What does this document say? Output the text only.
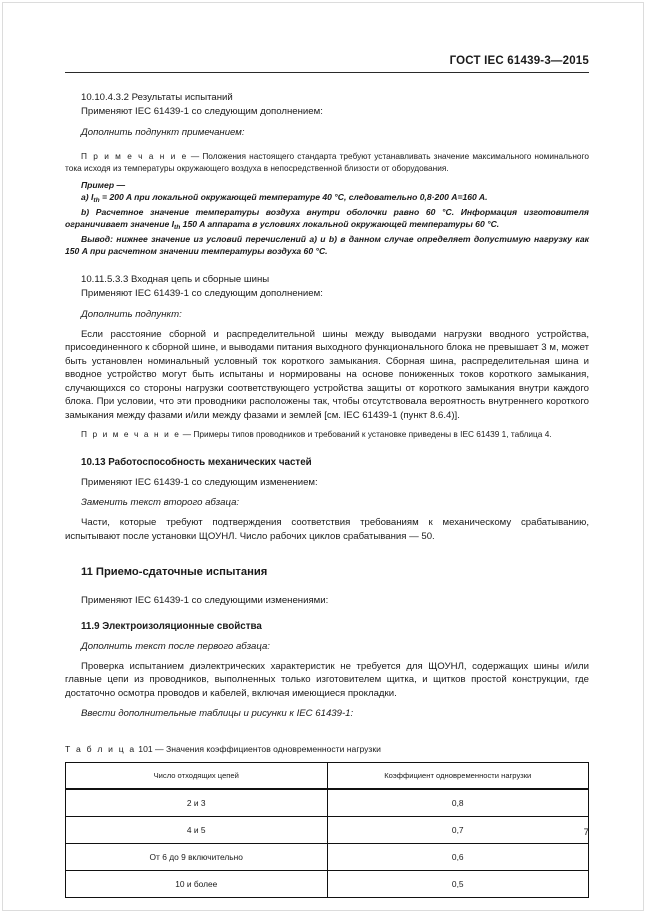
ГОСТ IEC 61439-3—2015

10.10.4.3.2 Результаты испытаний

Применяют IEC 61439-1 со следующим дополнением:

Дополнить подпункт примечанием:

П р и м е ч а н и е — Положения настоящего стандарта требуют устанавливать значение максимального номинального тока исходя из температуры окружающего воздуха в непосредственной близости от оборудования.

Пример —

a) $I_{th} = 200$ A при локальной окружающей температуре 40 °C, следовательно 0,8·200 A=160 A.

b) Расчетное значение температуры воздуха внутри оболочки равно 60 °C. Информация изготовителя ограничивает значение $I_{th}$ 150 A аппарата в условиях локальной окружающей температуры 60 °C.

Вывод: нижнее значение из условий перечислений a) и b) в данном случае определяет допустимую нагрузку как 150 A при расчетном значении температуры воздуха 60 °C.

10.11.5.3.3 Входная цепь и сборные шины

Применяют IEC 61439-1 со следующим дополнением:

Дополнить подпункт:

Если расстояние сборной и распределительной шины между выводами нагрузки вводного устройства, присоединенного к сборной шине, и выводами питания выходного функционального блока не превышает 3 м, может быть установлен номинальный условный ток короткого замыкания. Сборная шина, распределительная шина и вводное устройство могут быть испытаны и нормированы на основе пониженных токов короткого замыкания, случающихся со стороны нагрузки соответствующего устройства защиты от короткого замыкания внутри каждого блока. При условии, что эти проводники расположены так, чтобы отсутствовала вероятность внутреннего короткого замыкания между фазами и/или между фазами и землей [см. IEC 61439-1 (пункт 8.6.4)].

П р и м е ч а н и е — Примеры типов проводников и требований к установке приведены в IEC 61439 1, таблица 4.

10.13 Работоспособность механических частей

Применяют IEC 61439-1 со следующим изменением:

Заменить текст второго абзаца:

Части, которые требуют подтверждения соответствия требованиям к механическому срабатыванию, испытывают после установки ЩОУНЛ. Число рабочих циклов срабатывания — 50.

11 Приемо-сдаточные испытания

Применяют IEC 61439-1 со следующими изменениями:

11.9 Электроизоляционные свойства

Дополнить текст после первого абзаца:

Проверка испытанием диэлектрических характеристик не требуется для ЩОУНЛ, содержащих шины и/или главные цепи из проводников, выполненных только изготовителем щитка, и щитков простой конструкции, где достаточно осмотра проводов и кабелей, включая имеющиеся прокладки.

Ввести дополнительные таблицы и рисунки к IEC 61439-1:

Т а б л и ц а 101 — Значения коэффициентов одновременности нагрузки

Число отходящих цепей	Коэффициент одновременности нагрузки
2 и 3	0,8
4 и 5	0,7
От 6 до 9 включительно	0,6
10 и более	0,5
7
